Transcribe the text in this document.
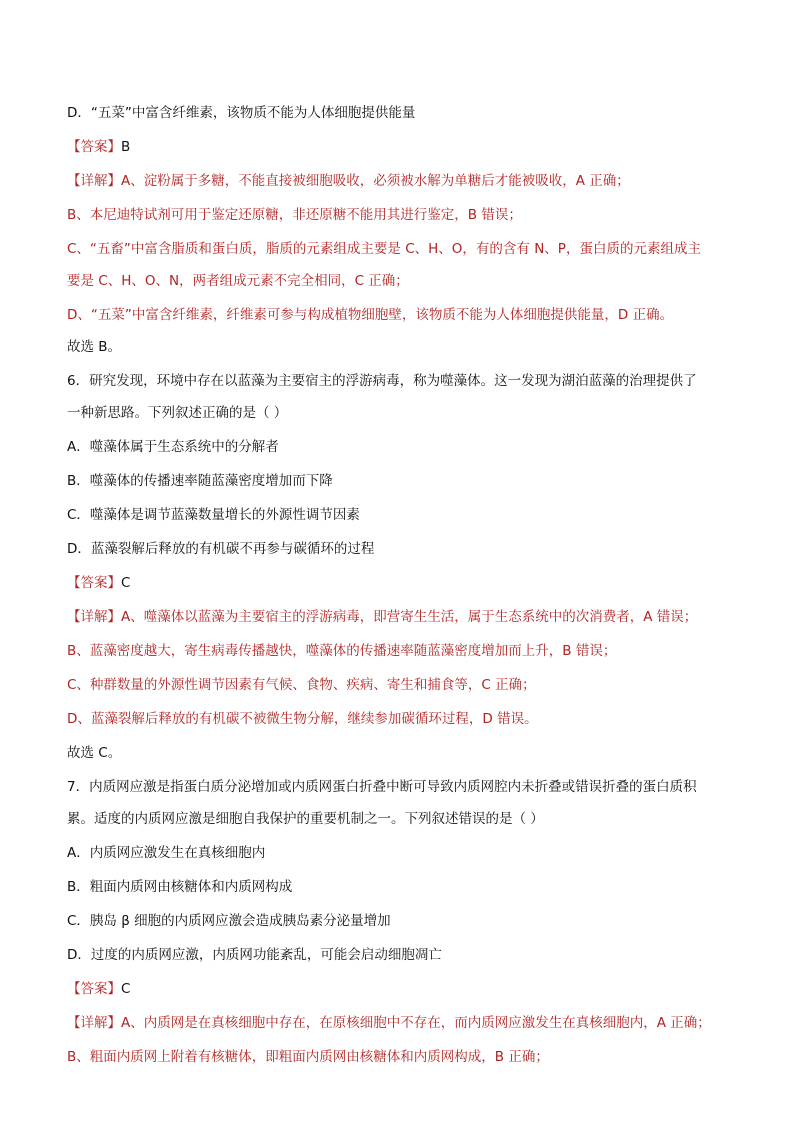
D．“五菜”中富含纤维素，该物质不能为人体细胞提供能量

【答案】B

【详解】A、淀粉属于多糖，不能直接被细胞吸收，必须被水解为单糖后才能被吸收，A 正确；

B、本尼迪特试剂可用于鉴定还原糖，非还原糖不能用其进行鉴定，B 错误；

C、“五畜”中富含脂质和蛋白质，脂质的元素组成主要是 C、H、O，有的含有 N、P，蛋白质的元素组成主

要是 C、H、O、N，两者组成元素不完全相同，C 正确；

D、“五菜”中富含纤维素，纤维素可参与构成植物细胞壁，该物质不能为人体细胞提供能量，D 正确。

故选 B。

6．研究发现，环境中存在以蓝藻为主要宿主的浮游病毒，称为噬藻体。这一发现为湖泊蓝藻的治理提供了

一种新思路。下列叙述正确的是（ ）

A．噬藻体属于生态系统中的分解者

B．噬藻体的传播速率随蓝藻密度增加而下降

C．噬藻体是调节蓝藻数量增长的外源性调节因素

D．蓝藻裂解后释放的有机碳不再参与碳循环的过程

【答案】C

【详解】A、噬藻体以蓝藻为主要宿主的浮游病毒，即营寄生生活，属于生态系统中的次消费者，A 错误；

B、蓝藻密度越大，寄生病毒传播越快，噬藻体的传播速率随蓝藻密度增加而上升，B 错误；

C、种群数量的外源性调节因素有气候、食物、疾病、寄生和捕食等，C 正确；

D、蓝藻裂解后释放的有机碳不被微生物分解，继续参加碳循环过程，D 错误。

故选 C。

7．内质网应激是指蛋白质分泌增加或内质网蛋白折叠中断可导致内质网腔内未折叠或错误折叠的蛋白质积

累。适度的内质网应激是细胞自我保护的重要机制之一。下列叙述错误的是（ ）

A．内质网应激发生在真核细胞内

B．粗面内质网由核糖体和内质网构成

C．胰岛 β 细胞的内质网应激会造成胰岛素分泌量增加

D．过度的内质网应激，内质网功能紊乱，可能会启动细胞凋亡

【答案】C

【详解】A、内质网是在真核细胞中存在，在原核细胞中不存在，而内质网应激发生在真核细胞内，A 正确；

B、粗面内质网上附着有核糖体，即粗面内质网由核糖体和内质网构成，B 正确；
